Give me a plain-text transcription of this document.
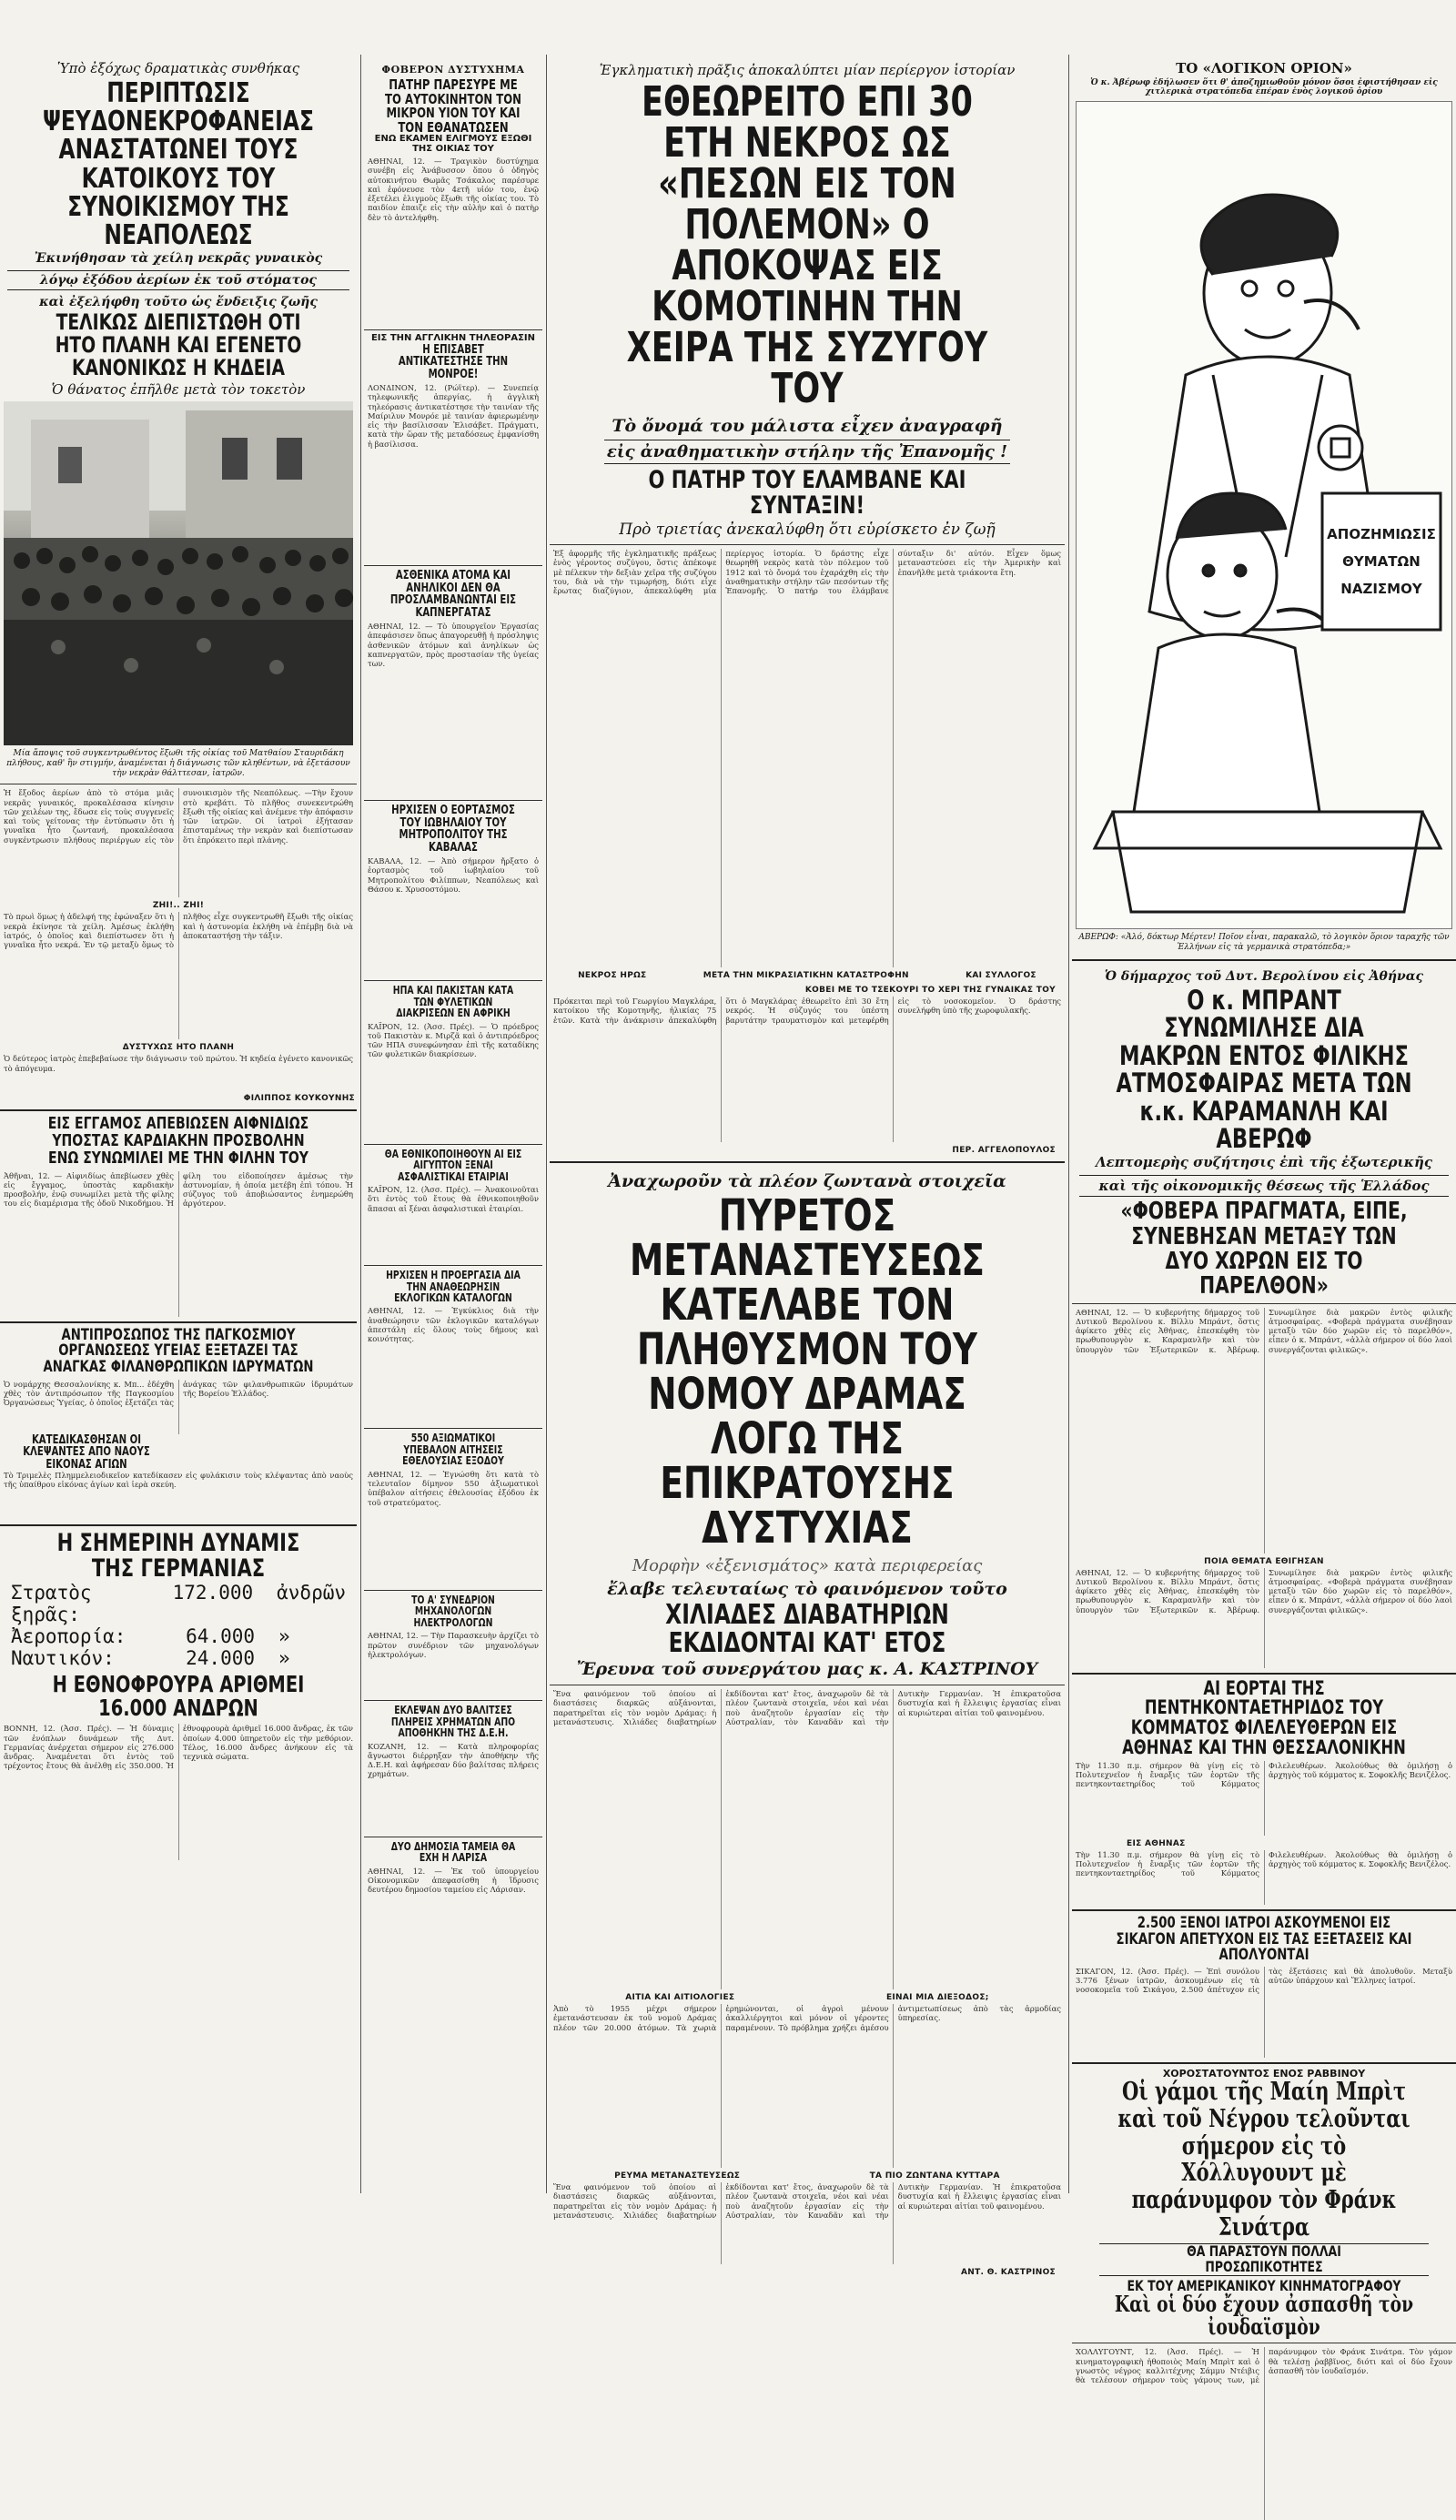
Ὑπὸ ἐξόχως δραματικὰς συνθήκας
ΠΕΡΙΠΤΩΣΙΣ ΨΕΥΔΟΝΕΚΡΟΦΑΝΕΙΑΣ ΑΝΑΣΤΑΤΩΝΕΙ ΤΟΥΣ ΚΑΤΟΙΚΟΥΣ ΤΟΥ ΣΥΝΟΙΚΙΣΜΟΥ ΤΗΣ ΝΕΑΠΟΛΕΩΣ
Ἐκινήθησαν τὰ χείλη νεκρᾶς γυναικὸς
λόγῳ ἐξόδου ἀερίων ἐκ τοῦ στόματος
καὶ ἐξελήφθη τοῦτο ὡς ἔνδειξις ζωῆς
ΤΕΛΙΚΩΣ ΔΙΕΠΙΣΤΩΘΗ ΟΤΙ ΗΤΟ ΠΛΑΝΗ ΚΑΙ ΕΓΕΝΕΤΟ ΚΑΝΟΝΙΚΩΣ Η ΚΗΔΕΙΑ
Ὁ θάνατος ἐπῆλθε μετὰ τὸν τοκετὸν
Μία ἄποψις τοῦ συγκεντρωθέντος ἔξωθι τῆς οἰκίας τοῦ Ματθαίου Σταυριδάκη πλήθους, καθ' ἣν στιγμήν, ἀναμένεται ἡ διάγνωσις τῶν κληθέντων, νὰ ἐξετάσουν τὴν νεκρὰν θάλττεσαν, ἰατρῶν.
Ἡ ἔξοδος ἀερίων ἀπὸ τὸ στόμα μιᾶς νεκρᾶς γυναικός, προκαλέσασα κίνησιν τῶν χειλέων της, ἔδωσε εἰς τοὺς συγγενεῖς καὶ τοὺς γείτονας τὴν ἐντύπωσιν ὅτι ἡ γυναῖκα ἦτο ζωντανή, προκαλέσασα συγκέντρωσιν πλήθους περιέργων εἰς τὸν συνοικισμὸν τῆς Νεαπόλεως. —Τὴν ἔχουν στὸ κρεβάτι. Τὸ πλῆθος συνεκεντρώθη ἔξωθι τῆς οἰκίας καὶ ἀνέμενε τὴν ἀπόφασιν τῶν ἰατρῶν. Οἱ ἰατροὶ ἐξήτασαν ἐπισταμένως τὴν νεκρὰν καὶ διεπίστωσαν ὅτι ἐπρόκειτο περὶ πλάνης.
ΖΗΙ!.. ΖΗΙ!
Τὸ πρωὶ ὅμως ἡ ἀδελφή της ἐφώναξεν ὅτι ἡ νεκρὰ ἐκίνησε τὰ χείλη. Ἀμέσως ἐκλήθη ἰατρός, ὁ ὁποῖος καὶ διεπίστωσεν ὅτι ἡ γυναῖκα ἦτο νεκρά. Ἐν τῷ μεταξὺ ὅμως τὸ πλῆθος εἶχε συγκεντρωθῆ ἔξωθι τῆς οἰκίας καὶ ἡ ἀστυνομία ἐκλήθη νὰ ἐπέμβῃ διὰ νὰ ἀποκαταστήσῃ τὴν τάξιν.
ΔΥΣΤΥΧΩΣ ΗΤΟ ΠΛΑΝΗ
Ὁ δεύτερος ἰατρὸς ἐπεβεβαίωσε τὴν διάγνωσιν τοῦ πρώτου. Ἡ κηδεία ἐγένετο κανονικῶς τὸ ἀπόγευμα.
ΦΙΛΙΠΠΟΣ ΚΟΥΚΟΥΝΗΣ
ΕΙΣ ΕΓΓΑΜΟΣ ΑΠΕΒΙΩΣΕΝ ΑΙΦΝΙΔΙΩΣ ΥΠΟΣΤΑΣ ΚΑΡΔΙΑΚΗΝ ΠΡΟΣΒΟΛΗΝ ΕΝΩ ΣΥΝΩΜΙΛΕΙ ΜΕ ΤΗΝ ΦΙΛΗΝ ΤΟΥ
Ἀθῆναι, 12. — Αἰφνιδίως ἀπεβίωσεν χθὲς εἰς ἔγγαμος, ὑποστὰς καρδιακὴν προσβολήν, ἐνῷ συνωμίλει μετὰ τῆς φίλης του εἰς διαμέρισμα τῆς ὁδοῦ Νικοδήμου. Ἡ φίλη του εἰδοποίησεν ἀμέσως τὴν ἀστυνομίαν, ἡ ὁποία μετέβη ἐπὶ τόπου. Ἡ σύζυγος τοῦ ἀποβιώσαντος ἐνημερώθη ἀργότερον.
ΑΝΤΙΠΡΟΣΩΠΟΣ ΤΗΣ ΠΑΓΚΟΣΜΙΟΥ ΟΡΓΑΝΩΣΕΩΣ ΥΓΕΙΑΣ ΕΞΕΤΑΖΕΙ ΤΑΣ ΑΝΑΓΚΑΣ ΦΙΛΑΝΘΡΩΠΙΚΩΝ ΙΔΡΥΜΑΤΩΝ
Ὁ νομάρχης Θεσσαλονίκης κ. Μπ... ἐδέχθη χθὲς τὸν ἀντιπρόσωπον τῆς Παγκοσμίου Ὀργανώσεως Ὑγείας, ὁ ὁποῖος ἐξετάζει τὰς ἀνάγκας τῶν φιλανθρωπικῶν ἱδρυμάτων τῆς Βορείου Ἑλλάδος.
ΚΑΤΕΔΙΚΑΣΘΗΣΑΝ ΟΙ ΚΛΕΨΑΝΤΕΣ ΑΠΟ ΝΑΟΥΣ ΕΙΚΟΝΑΣ ΑΓΙΩΝ
Τὸ Τριμελὲς Πλημμελειοδικεῖον κατεδίκασεν εἰς φυλάκισιν τοὺς κλέψαντας ἀπὸ ναοὺς τῆς ὑπαίθρου εἰκόνας ἁγίων καὶ ἱερὰ σκεύη.
Η ΣΗΜΕΡΙΝΗ ΔΥΝΑΜΙΣ ΤΗΣ ΓΕΡΜΑΝΙΑΣ
Στρατὸς ξηρᾶς:
172.000	ἀνδρῶν
Ἀεροπορία:	64.000	»
Ναυτικόν:	24.000	»
Η ΕΘΝΟΦΡΟΥΡΑ ΑΡΙΘΜΕΙ 16.000 ΑΝΔΡΩΝ
ΒΟΝΝΗ, 12. (Ἀσσ. Πρές). — Ἡ δύναμις τῶν ἐνόπλων δυνάμεων τῆς Δυτ. Γερμανίας ἀνέρχεται σήμερον εἰς 276.000 ἄνδρας. Ἀναμένεται ὅτι ἐντὸς τοῦ τρέχοντος ἔτους θὰ ἀνέλθῃ εἰς 350.000. Ἡ ἐθνοφρουρὰ ἀριθμεῖ 16.000 ἄνδρας, ἐκ τῶν ὁποίων 4.000 ὑπηρετοῦν εἰς τὴν μεθόριον. Τέλος, 16.000 ἄνδρες ἀνήκουν εἰς τὰ τεχνικὰ σώματα.
ΦΟΒΕΡΟΝ ΔΥΣΤΥΧΗΜΑ
ΠΑΤΗΡ ΠΑΡΕΣΥΡΕ ΜΕ ΤΟ ΑΥΤΟΚΙΝΗΤΟΝ ΤΟΝ ΜΙΚΡΟΝ ΥΙΟΝ ΤΟΥ ΚΑΙ ΤΟΝ ΕΘΑΝΑΤΩΣΕΝ
ΕΝΩ ΕΚΑΜΕΝ ΕΛΙΓΜΟΥΣ ΕΞΩΘΙ ΤΗΣ ΟΙΚΙΑΣ ΤΟΥ
ΑΘΗΝΑΙ, 12. — Τραγικὸν δυστύχημα συνέβη εἰς Ἀνάβυσσον ὅπου ὁ ὁδηγὸς αὐτοκινήτου Θωμᾶς Τσάκαλος παρέσυρε καὶ ἐφόνευσε τὸν 4ετῆ υἱόν του, ἐνῷ ἐξετέλει ἐλιγμοὺς ἔξωθι τῆς οἰκίας του. Τὸ παιδίον ἐπαιζε εἰς τὴν αὐλὴν καὶ ὁ πατὴρ δὲν τὸ ἀντελήφθη.
ΕΙΣ ΤΗΝ ΑΓΓΛΙΚΗΝ ΤΗΛΕΟΡΑΣΙΝ
Η ΕΠΙΣΑΒΕΤ ΑΝΤΙΚΑΤΕΣΤΗΣΕ ΤΗΝ ΜΟΝΡΟΕ!
ΛΟΝΔΙΝΟΝ, 12. (Ρώϊτερ). — Συνεπείᾳ τηλεφωνικῆς ἀπεργίας, ἡ ἀγγλικὴ τηλεόρασις ἀντικατέστησε τὴν ταινίαν τῆς Μαίριλυν Μονρόε μὲ ταινίαν ἀφιερωμένην εἰς τὴν βασίλισσαν Ἐλισάβετ. Πράγματι, κατὰ τὴν ὥραν τῆς μεταδόσεως ἐμφανίσθη ἡ βασίλισσα.
ΑΣΘΕΝΙΚΑ ΑΤΟΜΑ ΚΑΙ ΑΝΗΛΙΚΟΙ ΔΕΝ ΘΑ ΠΡΟΣΛΑΜΒΑΝΩΝΤΑΙ ΕΙΣ ΚΑΠΝΕΡΓΑΤΑΣ
ΑΘΗΝΑΙ, 12. — Τὸ ὑπουργεῖον Ἐργασίας ἀπεφάσισεν ὅπως ἀπαγορευθῇ ἡ πρόσληψις ἀσθενικῶν ἀτόμων καὶ ἀνηλίκων ὡς καπνεργατῶν, πρὸς προστασίαν τῆς ὑγείας των.
ΗΡΧΙΣΕΝ Ο ΕΟΡΤΑΣΜΟΣ ΤΟΥ ΙΩΒΗΛΑΙΟΥ ΤΟΥ ΜΗΤΡΟΠΟΛΙΤΟΥ ΤΗΣ ΚΑΒΑΛΑΣ
ΚΑΒΑΛΑ, 12. — Ἀπὸ σήμερον ἤρξατο ὁ ἑορτασμὸς τοῦ ἰωβηλαίου τοῦ Μητροπολίτου Φιλίππων, Νεαπόλεως καὶ Θάσου κ. Χρυσοστόμου.
ΗΠΑ ΚΑΙ ΠΑΚΙΣΤΑΝ ΚΑΤΑ ΤΩΝ ΦΥΛΕΤΙΚΩΝ ΔΙΑΚΡΙΣΕΩΝ ΕΝ ΑΦΡΙΚΗ
ΚΑΪΡΟΝ, 12. (Ἀσσ. Πρές). — Ὁ πρόεδρος τοῦ Πακιστὰν κ. Μιρζᾶ καὶ ὁ ἀντιπρόεδρος τῶν ΗΠΑ συνεφώνησαν ἐπὶ τῆς καταδίκης τῶν φυλετικῶν διακρίσεων.
ΘΑ ΕΘΝΙΚΟΠΟΙΗΘΟΥΝ ΑΙ ΕΙΣ ΑΙΓΥΠΤΟΝ ΞΕΝΑΙ ΑΣΦΑΛΙΣΤΙΚΑΙ ΕΤΑΙΡΙΑΙ
ΚΑΪΡΟΝ, 12. (Ἀσσ. Πρές). — Ἀνακοινοῦται ὅτι ἐντὸς τοῦ ἔτους θὰ ἐθνικοποιηθοῦν ἅπασαι αἱ ξέναι ἀσφαλιστικαὶ ἑταιρίαι.
ΗΡΧΙΣΕΝ Η ΠΡΟΕΡΓΑΣΙΑ ΔΙΑ ΤΗΝ ΑΝΑΘΕΩΡΗΣΙΝ ΕΚΛΟΓΙΚΩΝ ΚΑΤΑΛΟΓΩΝ
ΑΘΗΝΑΙ, 12. — Ἐγκύκλιος διὰ τὴν ἀναθεώρησιν τῶν ἐκλογικῶν καταλόγων ἀπεστάλη εἰς ὅλους τοὺς δήμους καὶ κοινότητας.
550 ΑΞΙΩΜΑΤΙΚΟΙ ΥΠΕΒΑΛΟΝ ΑΙΤΗΣΕΙΣ ΕΘΕΛΟΥΣΙΑΣ ΕΞΟΔΟΥ
ΑΘΗΝΑΙ, 12. — Ἐγνώσθη ὅτι κατὰ τὸ τελευταῖον δίμηνον 550 ἀξιωματικοὶ ὑπέβαλον αἰτήσεις ἐθελουσίας ἐξόδου ἐκ τοῦ στρατεύματος.
ΤΟ Α' ΣΥΝΕΔΡΙΟΝ ΜΗΧΑΝΟΛΟΓΩΝ ΗΛΕΚΤΡΟΛΟΓΩΝ
ΑΘΗΝΑΙ, 12. — Τὴν Παρασκευὴν ἀρχίζει τὸ πρῶτον συνέδριον τῶν μηχανολόγων ἠλεκτρολόγων.
ΕΚΛΕΨΑΝ ΔΥΟ ΒΑΛΙΤΣΕΣ ΠΛΗΡΕΙΣ ΧΡΗΜΑΤΩΝ ΑΠΟ ΑΠΟΘΗΚΗΝ ΤΗΣ Δ.Ε.Η.
ΚΟΖΑΝΗ, 12. — Κατὰ πληροφορίας ἄγνωστοι διέρρηξαν τὴν ἀποθήκην τῆς Δ.Ε.Η. καὶ ἀφήρεσαν δύο βαλίτσας πλήρεις χρημάτων.
ΔΥΟ ΔΗΜΟΣΙΑ ΤΑΜΕΙΑ ΘΑ ΕΧΗ Η ΛΑΡΙΣΑ
ΑΘΗΝΑΙ, 12. — Ἐκ τοῦ ὑπουργείου Οἰκονομικῶν ἀπεφασίσθη ἡ ἵδρυσις δευτέρου δημοσίου ταμείου εἰς Λάρισαν.
Ἐγκληματικὴ πρᾶξις ἀποκαλύπτει μίαν περίεργον ἱστορίαν
ΕΘΕΩΡΕΙΤΟ ΕΠΙ 30 ΕΤΗ ΝΕΚΡΟΣ ΩΣ «ΠΕΣΩΝ ΕΙΣ ΤΟΝ ΠΟΛΕΜΟΝ» Ο ΑΠΟΚΟΨΑΣ ΕΙΣ ΚΟΜΟΤΙΝΗΝ ΤΗΝ ΧΕΙΡΑ ΤΗΣ ΣΥΖΥΓΟΥ ΤΟΥ
Τὸ ὄνομά του μάλιστα εἶχεν ἀναγραφῆ
εἰς ἀναθηματικὴν στήλην τῆς Ἐπανομῆς !
Ο ΠΑΤΗΡ ΤΟΥ ΕΛΑΜΒΑΝΕ ΚΑΙ ΣΥΝΤΑΞΙΝ!
Πρὸ τριετίας ἀνεκαλύφθη ὅτι εὑρίσκετο ἐν ζωῇ
Ἐξ ἀφορμῆς τῆς ἐγκληματικῆς πράξεως ἑνὸς γέροντος συζύγου, ὅστις ἀπέκοψε μὲ πέλεκυν τὴν δεξιὰν χεῖρα τῆς συζύγου του, διὰ νὰ τὴν τιμωρήσῃ, διότι εἶχε ἔρωτας διαζύγιον, ἀπεκαλύφθη μία περίεργος ἱστορία. Ὁ δράστης εἶχε θεωρηθῆ νεκρὸς κατὰ τὸν πόλεμον τοῦ 1912 καὶ τὸ ὄνομά του ἐχαράχθη εἰς τὴν ἀναθηματικὴν στήλην τῶν πεσόντων τῆς Ἐπανομῆς. Ὁ πατήρ του ἐλάμβανε σύνταξιν δι' αὐτόν. Εἶχεν ὅμως μεταναστεύσει εἰς τὴν Ἀμερικὴν καὶ ἐπανῆλθε μετὰ τριάκοντα ἔτη.
ΝΕΚΡΟΣ ΗΡΩΣ	ΜΕΤΑ ΤΗΝ ΜΙΚΡΑΣΙΑΤΙΚΗΝ ΚΑΤΑΣΤΡΟΦΗΝ	ΚΑΙ ΣΥΛΛΟΓΟΣ
ΚΟΒΕΙ ΜΕ ΤΟ ΤΣΕΚΟΥΡΙ ΤΟ ΧΕΡΙ ΤΗΣ ΓΥΝΑΙΚΑΣ ΤΟΥ
Πρόκειται περὶ τοῦ Γεωργίου Μαγκλάρα, κατοίκου τῆς Κομοτηνῆς, ἡλικίας 75 ἐτῶν. Κατὰ τὴν ἀνάκρισιν ἀπεκαλύφθη ὅτι ὁ Μαγκλάρας ἐθεωρεῖτο ἐπὶ 30 ἔτη νεκρός. Ἡ σύζυγός του ὑπέστη βαρυτάτην τραυματισμὸν καὶ μετεφέρθη εἰς τὸ νοσοκομεῖον. Ὁ δράστης συνελήφθη ὑπὸ τῆς χωροφυλακῆς.
ΠΕΡ. ΑΓΓΕΛΟΠΟΥΛΟΣ
Ἀναχωροῦν τὰ πλέον ζωντανὰ στοιχεῖα
ΠΥΡΕΤΟΣ ΜΕΤΑΝΑΣΤΕΥΣΕΩΣ ΚΑΤΕΛΑΒΕ ΤΟΝ ΠΛΗΘΥΣΜΟΝ ΤΟΥ ΝΟΜΟΥ ΔΡΑΜΑΣ ΛΟΓΩ ΤΗΣ ΕΠΙΚΡΑΤΟΥΣΗΣ ΔΥΣΤΥΧΙΑΣ
Μορφὴν «ἐξενισμάτος» κατὰ περιφερείας
ἔλαβε τελευταίως τὸ φαινόμενον τοῦτο
ΧΙΛΙΑΔΕΣ ΔΙΑΒΑΤΗΡΙΩΝ ΕΚΔΙΔΟΝΤΑΙ ΚΑΤ' ΕΤΟΣ
Ἔρευνα τοῦ συνεργάτου μας κ. Α. ΚΑΣΤΡΙΝΟΥ
Ἕνα φαινόμενον τοῦ ὁποίου αἱ διαστάσεις διαρκῶς αὐξάνονται, παρατηρεῖται εἰς τὸν νομὸν Δράμας: ἡ μετανάστευσις. Χιλιάδες διαβατηρίων ἐκδίδονται κατ' ἔτος, ἀναχωροῦν δὲ τὰ πλέον ζωντανὰ στοιχεῖα, νέοι καὶ νέαι ποὺ ἀναζητοῦν ἐργασίαν εἰς τὴν Αὐστραλίαν, τὸν Καναδᾶν καὶ τὴν Δυτικὴν Γερμανίαν. Ἡ ἐπικρατοῦσα δυστυχία καὶ ἡ ἔλλειψις ἐργασίας εἶναι αἱ κυριώτεραι αἰτίαι τοῦ φαινομένου.
ΑΙΤΙΑ ΚΑΙ ΑΙΤΙΟΛΟΓΙΕΣ	ΕΙΝΑΙ ΜΙΑ ΔΙΕΞΟΔΟΣ;
Ἀπὸ τὸ 1955 μέχρι σήμερον ἐμετανάστευσαν ἐκ τοῦ νομοῦ Δράμας πλέον τῶν 20.000 ἀτόμων. Τὰ χωριὰ ἐρημώνονται, οἱ ἀγροὶ μένουν ἀκαλλιέργητοι καὶ μόνον οἱ γέροντες παραμένουν. Τὸ πρόβλημα χρήζει ἀμέσου ἀντιμετωπίσεως ἀπὸ τὰς ἁρμοδίας ὑπηρεσίας.
ΡΕΥΜΑ ΜΕΤΑΝΑΣΤΕΥΣΕΩΣ	ΤΑ ΠΙΟ ΖΩΝΤΑΝΑ ΚΥΤΤΑΡΑ
Ἕνα φαινόμενον τοῦ ὁποίου αἱ διαστάσεις διαρκῶς αὐξάνονται, παρατηρεῖται εἰς τὸν νομὸν Δράμας: ἡ μετανάστευσις. Χιλιάδες διαβατηρίων ἐκδίδονται κατ' ἔτος, ἀναχωροῦν δὲ τὰ πλέον ζωντανὰ στοιχεῖα, νέοι καὶ νέαι ποὺ ἀναζητοῦν ἐργασίαν εἰς τὴν Αὐστραλίαν, τὸν Καναδᾶν καὶ τὴν Δυτικὴν Γερμανίαν. Ἡ ἐπικρατοῦσα δυστυχία καὶ ἡ ἔλλειψις ἐργασίας εἶναι αἱ κυριώτεραι αἰτίαι τοῦ φαινομένου.
ΑΝΤ. Θ. ΚΑΣΤΡΙΝΟΣ
ΤΟ «ΛΟΓΙΚΟΝ ΟΡΙΟΝ»
Ὁ κ. Ἀβέρωφ ἐδήλωσεν ὅτι θ' ἀποζημιωθοῦν μόνον ὅσοι ἐφιστήθησαν εἰς χιτλερικὰ στρατόπεδα ἐπέραν ἑνὸς λογικοῦ ὁρίου
ΑΠΟΖΗΜΙΩΣΙΣ
ΘΥΜΑΤΩΝ
ΝΑΖΙΣΜΟΥ
ΑΒΕΡΩΦ: «Ἀλό, δόκτωρ Μέρτεν! Ποῖον εἶναι, παρακαλῶ, τὸ λογικὸν ὅριον ταραχῆς τῶν Ἑλλήνων εἰς τὰ γερμανικὰ στρατόπεδα;»
Ὁ δήμαρχος τοῦ Δυτ. Βερολίνου εἰς Ἀθήνας
Ο κ. ΜΠΡΑΝΤ ΣΥΝΩΜΙΛΗΣΕ ΔΙΑ ΜΑΚΡΩΝ ΕΝΤΟΣ ΦΙΛΙΚΗΣ ΑΤΜΟΣΦΑΙΡΑΣ ΜΕΤΑ ΤΩΝ κ.κ. ΚΑΡΑΜΑΝΛΗ ΚΑΙ ΑΒΕΡΩΦ
Λεπτομερὴς συζήτησις ἐπὶ τῆς ἐξωτερικῆς
καὶ τῆς οἰκονομικῆς θέσεως τῆς Ἑλλάδος
«ΦΟΒΕΡΑ ΠΡΑΓΜΑΤΑ, ΕΙΠΕ, ΣΥΝΕΒΗΣΑΝ ΜΕΤΑΞΥ ΤΩΝ ΔΥΟ ΧΩΡΩΝ ΕΙΣ ΤΟ ΠΑΡΕΛΘΟΝ»
ΑΘΗΝΑΙ, 12. — Ὁ κυβερνήτης δήμαρχος τοῦ Δυτικοῦ Βερολίνου κ. Βίλλυ Μπράντ, ὅστις ἀφίκετο χθὲς εἰς Ἀθήνας, ἐπεσκέφθη τὸν πρωθυπουργὸν κ. Καραμανλῆν καὶ τὸν ὑπουργὸν τῶν Ἐξωτερικῶν κ. Ἀβέρωφ. Συνωμίλησε διὰ μακρῶν ἐντὸς φιλικῆς ἀτμοσφαίρας. «Φοβερὰ πράγματα συνέβησαν μεταξὺ τῶν δύο χωρῶν εἰς τὸ παρελθόν», εἶπεν ὁ κ. Μπράντ, «ἀλλὰ σήμερον οἱ δύο λαοὶ συνεργάζονται φιλικῶς».
ΠΟΙΑ ΘΕΜΑΤΑ ΕΘΙΓΗΣΑΝ
ΑΘΗΝΑΙ, 12. — Ὁ κυβερνήτης δήμαρχος τοῦ Δυτικοῦ Βερολίνου κ. Βίλλυ Μπράντ, ὅστις ἀφίκετο χθὲς εἰς Ἀθήνας, ἐπεσκέφθη τὸν πρωθυπουργὸν κ. Καραμανλῆν καὶ τὸν ὑπουργὸν τῶν Ἐξωτερικῶν κ. Ἀβέρωφ. Συνωμίλησε διὰ μακρῶν ἐντὸς φιλικῆς ἀτμοσφαίρας. «Φοβερὰ πράγματα συνέβησαν μεταξὺ τῶν δύο χωρῶν εἰς τὸ παρελθόν», εἶπεν ὁ κ. Μπράντ, «ἀλλὰ σήμερον οἱ δύο λαοὶ συνεργάζονται φιλικῶς».
ΑΙ ΕΟΡΤΑΙ ΤΗΣ ΠΕΝΤΗΚΟΝΤΑΕΤΗΡΙΔΟΣ ΤΟΥ ΚΟΜΜΑΤΟΣ ΦΙΛΕΛΕΥΘΕΡΩΝ ΕΙΣ ΑΘΗΝΑΣ ΚΑΙ ΤΗΝ ΘΕΣΣΑΛΟΝΙΚΗΝ
Τὴν 11.30 π.μ. σήμερον θὰ γίνῃ εἰς τὸ Πολυτεχνεῖον ἡ ἔναρξις τῶν ἑορτῶν τῆς πεντηκονταετηρίδος τοῦ Κόμματος Φιλελευθέρων. Ἀκολούθως θὰ ὁμιλήσῃ ὁ ἀρχηγὸς τοῦ κόμματος κ. Σοφοκλῆς Βενιζέλος.
ΕΙΣ ΑΘΗΝΑΣ
Τὴν 11.30 π.μ. σήμερον θὰ γίνῃ εἰς τὸ Πολυτεχνεῖον ἡ ἔναρξις τῶν ἑορτῶν τῆς πεντηκονταετηρίδος τοῦ Κόμματος Φιλελευθέρων. Ἀκολούθως θὰ ὁμιλήσῃ ὁ ἀρχηγὸς τοῦ κόμματος κ. Σοφοκλῆς Βενιζέλος.
2.500 ΞΕΝΟΙ ΙΑΤΡΟΙ ΑΣΚΟΥΜΕΝΟΙ ΕΙΣ ΣΙΚΑΓΟΝ ΑΠΕΤΥΧΟΝ ΕΙΣ ΤΑΣ ΕΞΕΤΑΣΕΙΣ ΚΑΙ ΑΠΟΛΥΟΝΤΑΙ
ΣΙΚΑΓΟΝ, 12. (Ἀσσ. Πρές). — Ἐπὶ συνόλου 3.776 ξένων ἰατρῶν, ἀσκουμένων εἰς τὰ νοσοκομεῖα τοῦ Σικάγου, 2.500 ἀπέτυχον εἰς τὰς ἐξετάσεις καὶ θὰ ἀπολυθοῦν. Μεταξὺ αὐτῶν ὑπάρχουν καὶ Ἕλληνες ἰατροί.
ΧΟΡΟΣΤΑΤΟΥΝΤΟΣ ΕΝΟΣ ΡΑΒΒΙΝΟΥ
Οἱ γάμοι τῆς Μαίη Μπρὶτ καὶ τοῦ Νέγρου τελοῦνται σήμερον εἰς τὸ Χόλλυγουντ μὲ παράνυμφον τὸν Φράνκ Σινάτρα
ΘΑ ΠΑΡΑΣΤΟΥΝ ΠΟΛΛΑΙ ΠΡΟΣΩΠΙΚΟΤΗΤΕΣ
ΕΚ ΤΟΥ ΑΜΕΡΙΚΑΝΙΚΟΥ ΚΙΝΗΜΑΤΟΓΡΑΦΟΥ
Καὶ οἱ δύο ἔχουν ἀσπασθῆ τὸν ἰουδαϊσμὸν
ΧΟΛΛΥΓΟΥΝΤ, 12. (Ἀσσ. Πρές). — Ἡ κινηματογραφικὴ ἠθοποιὸς Μαίη Μπρὶτ καὶ ὁ γνωστὸς νέγρος καλλιτέχνης Σάμμυ Ντέιβις θὰ τελέσουν σήμερον τοὺς γάμους των, μὲ παράνυμφον τὸν Φράνκ Σινάτρα. Τὸν γάμον θὰ τελέσῃ ῥαββῖνος, διότι καὶ οἱ δύο ἔχουν ἀσπασθῆ τὸν ἰουδαϊσμόν.
